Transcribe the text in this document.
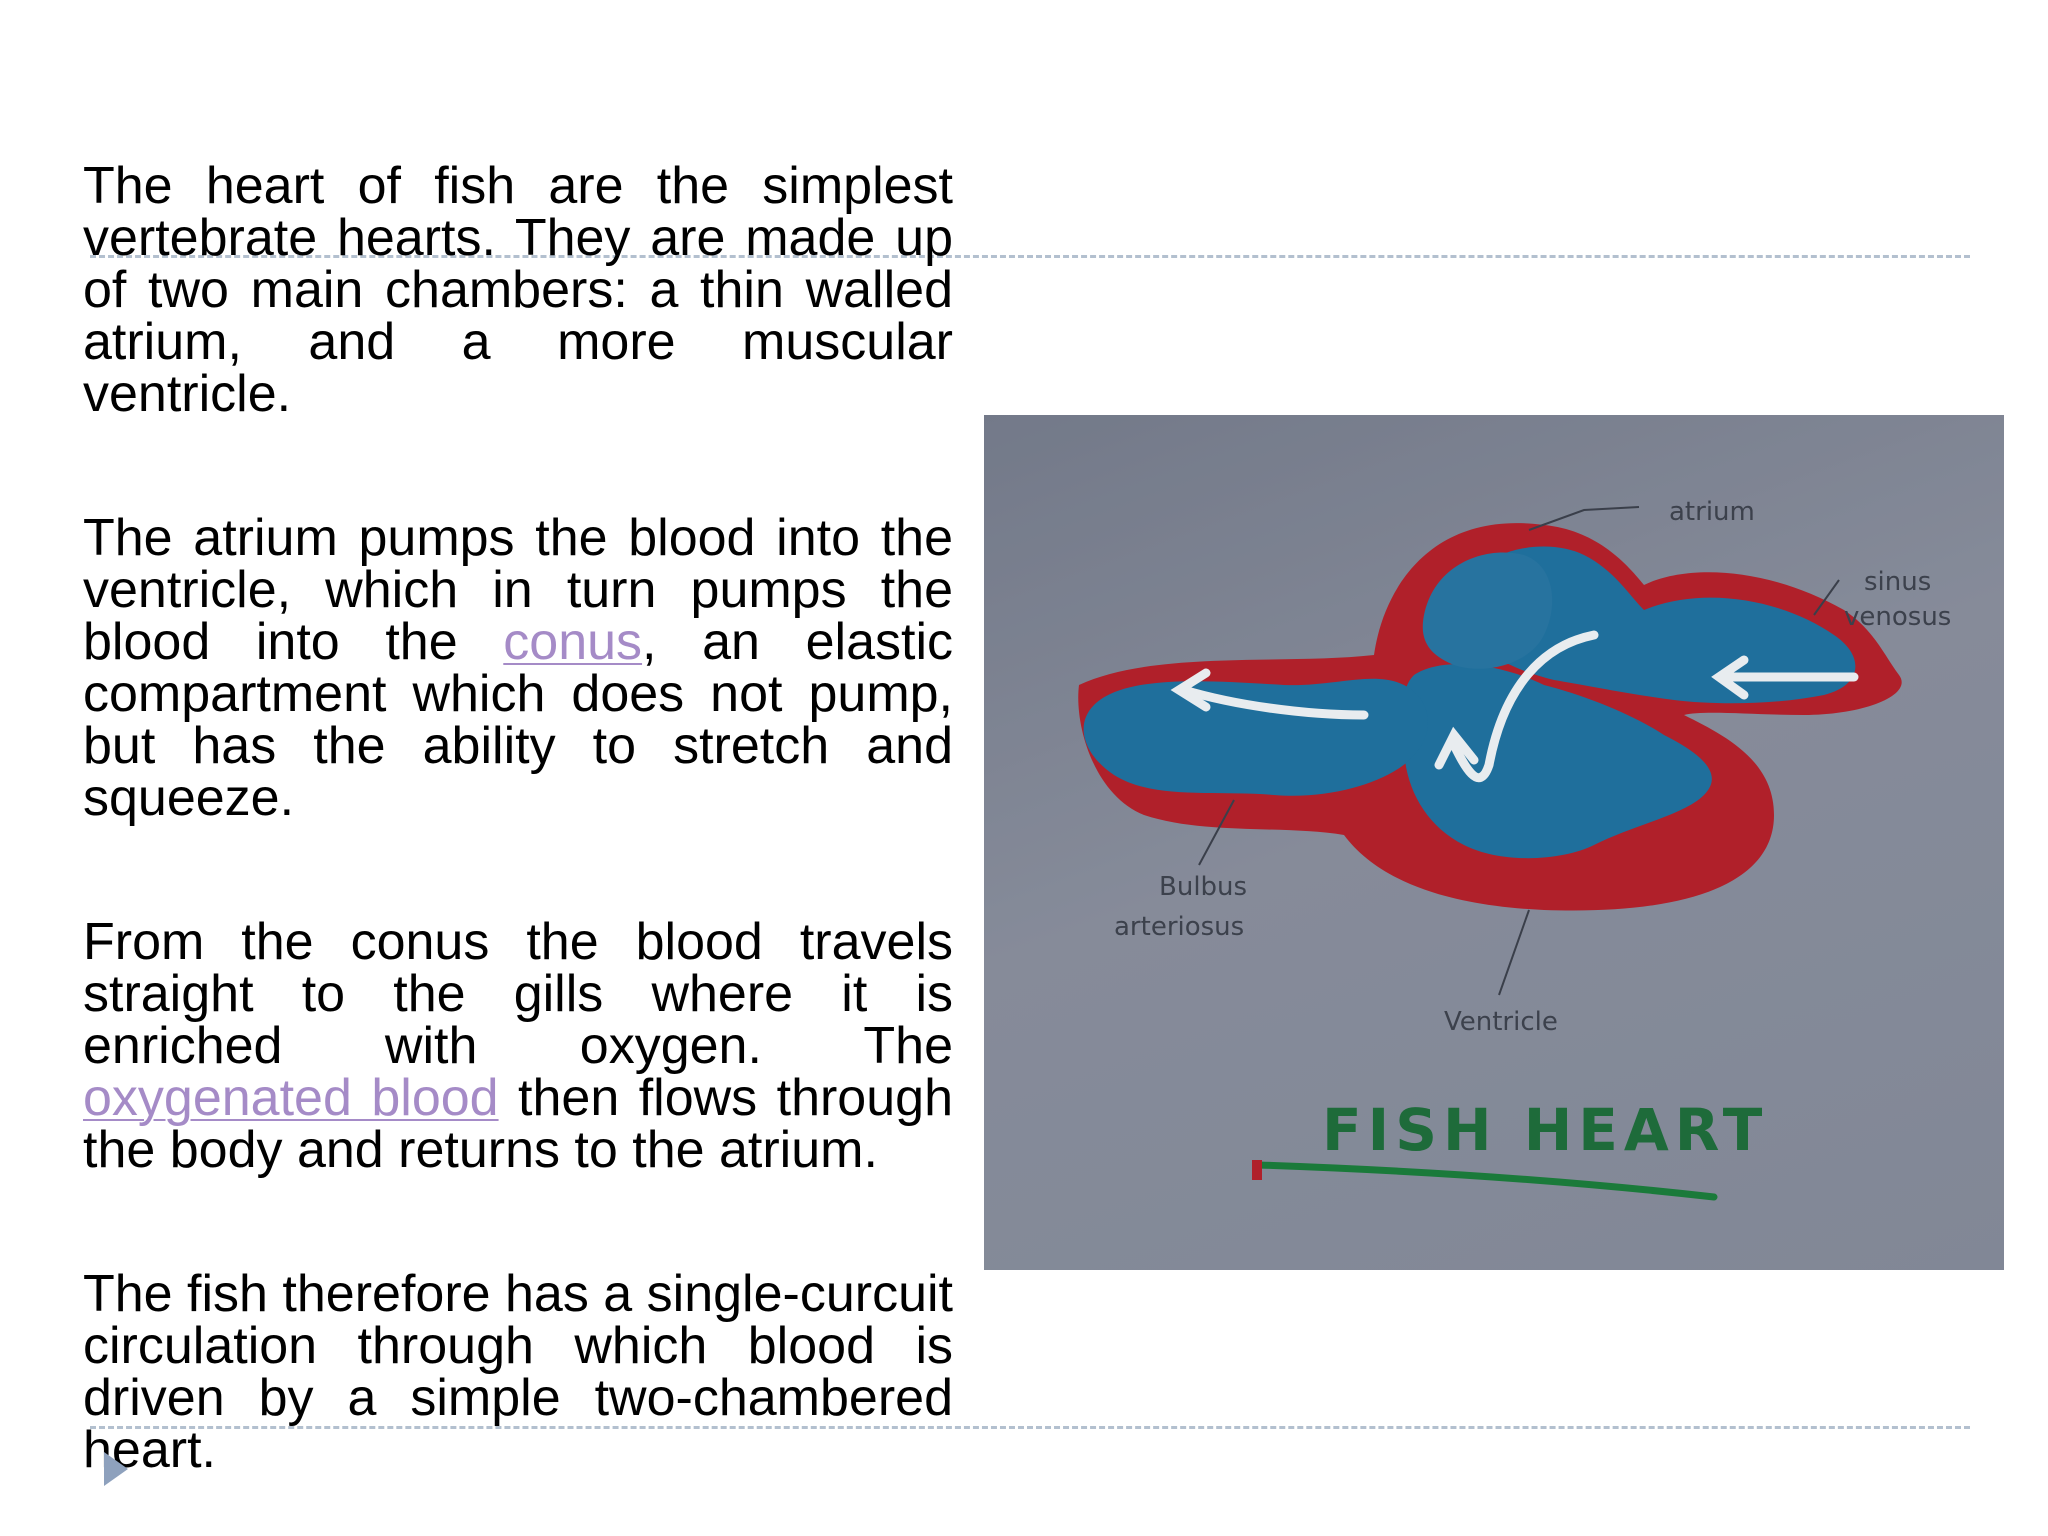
The heart of fish are the simplest vertebrate hearts. They are made up of two main chambers: a thin walled atrium, and a more muscular ventricle.

The atrium pumps the blood into the ventricle, which in turn pumps the blood into the conus, an elastic compartment which does not pump, but has the ability to stretch and squeeze.

From the conus the blood travels straight to the gills where it is enriched with oxygen. The oxygenated blood then flows through the body and returns to the atrium.

The fish therefore has a single-curcuit circulation through which blood is driven by a simple two-chambered heart.

atrium
sinus
venosus
Bulbus
arteriosus
Ventricle
FISH HEART
